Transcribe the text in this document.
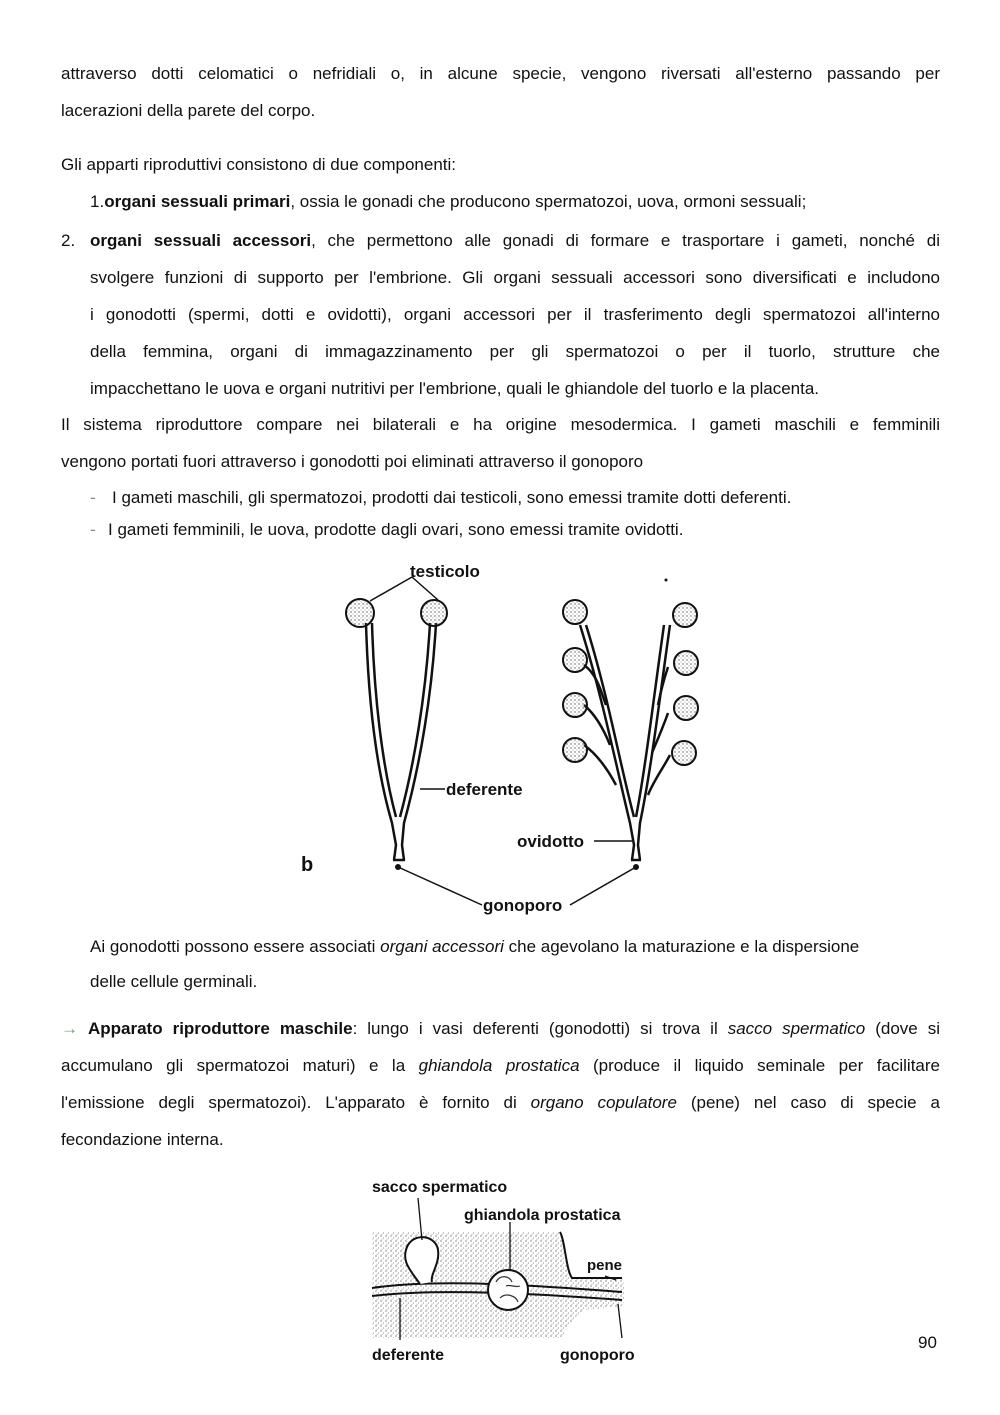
attraverso dotti celomatici o nefridiali o, in alcune specie, vengono riversati all'esterno passando per
lacerazioni della parete del corpo.
Gli apparti riproduttivi consistono di due componenti:
1.organi sessuali primari, ossia le gonadi che producono spermatozoi, uova, ormoni sessuali;
2. organi sessuali accessori, che permettono alle gonadi di formare e trasportare i gameti, nonché di
svolgere funzioni di supporto per l'embrione. Gli organi sessuali accessori sono diversificati e includono
i gonodotti (spermi, dotti e ovidotti), organi accessori per il trasferimento degli spermatozoi all'interno
della femmina, organi di immagazzinamento per gli spermatozoi o per il tuorlo, strutture che
impacchettano le uova e organi nutritivi per l'embrione, quali le ghiandole del tuorlo e la placenta.
Il sistema riproduttore compare nei bilaterali e ha origine mesodermica. I gameti maschili e femminili
vengono portati fuori attraverso i gonodotti poi eliminati attraverso il gonoporo
- I gameti maschili, gli spermatozoi, prodotti dai testicoli, sono emessi tramite dotti deferenti.
- I gameti femminili, le uova, prodotte dagli ovari, sono emessi tramite ovidotti.
testicolo
deferente
ovidotto
gonoporo
b
Ai gonodotti possono essere associati organi accessori che agevolano la maturazione e la dispersione
delle cellule germinali.
→ Apparato riproduttore maschile: lungo i vasi deferenti (gonodotti) si trova il sacco spermatico (dove si
accumulano gli spermatozoi maturi) e la ghiandola prostatica (produce il liquido seminale per facilitare
l'emissione degli spermatozoi). L'apparato è fornito di organo copulatore (pene) nel caso di specie a
fecondazione interna.
sacco spermatico
ghiandola prostatica
pene
deferente	gonoporo
90
